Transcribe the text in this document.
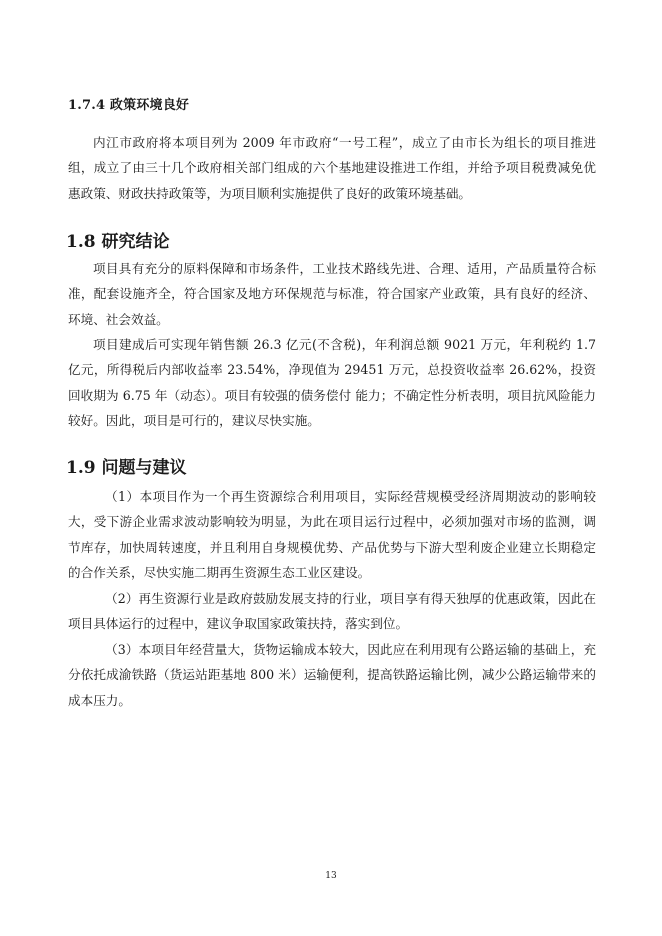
1.7.4 政策环境良好

内江市政府将本项目列为 2009 年市政府“一号工程”，成立了由市长为组长的项目推进组，成立了由三十几个政府相关部门组成的六个基地建设推进工作组，并给予项目税费减免优惠政策、财政扶持政策等，为项目顺利实施提供了良好的政策环境基础。

1.8 研究结论

项目具有充分的原料保障和市场条件，工业技术路线先进、合理、适用，产品质量符合标准，配套设施齐全，符合国家及地方环保规范与标准，符合国家产业政策，具有良好的经济、环境、社会效益。

项目建成后可实现年销售额 26.3 亿元(不含税)，年利润总额 9021 万元，年利税约 1.7 亿元，所得税后内部收益率 23.54%，净现值为 29451 万元，总投资收益率 26.62%，投资回收期为 6.75 年（动态）。项目有较强的债务偿付 能力；不确定性分析表明，项目抗风险能力较好。因此，项目是可行的，建议尽快实施。

1.9 问题与建议

（1）本项目作为一个再生资源综合利用项目，实际经营规模受经济周期波动的影响较大，受下游企业需求波动影响较为明显，为此在项目运行过程中，必须加强对市场的监测，调节库存，加快周转速度，并且利用自身规模优势、产品优势与下游大型利废企业建立长期稳定的合作关系，尽快实施二期再生资源生态工业区建设。

（2）再生资源行业是政府鼓励发展支持的行业，项目享有得天独厚的优惠政策，因此在项目具体运行的过程中，建议争取国家政策扶持，落实到位。

（3）本项目年经营量大，货物运输成本较大，因此应在利用现有公路运输的基础上，充分依托成渝铁路（货运站距基地 800 米）运输便利，提高铁路运输比例，减少公路运输带来的成本压力。

13
